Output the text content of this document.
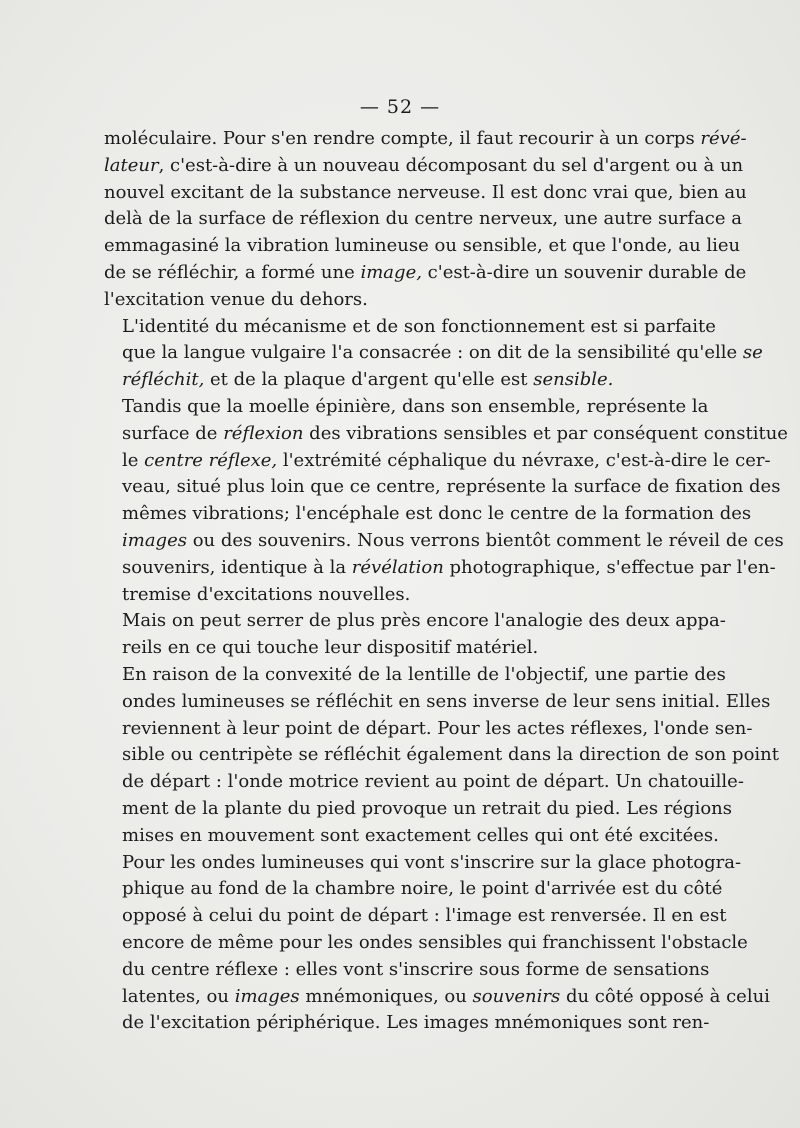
— 52 —

moléculaire. Pour s'en rendre compte, il faut recourir à un corps révé-
lateur, c'est-à-dire à un nouveau décomposant du sel d'argent ou à un
nouvel excitant de la substance nerveuse. Il est donc vrai que, bien au
delà de la surface de réflexion du centre nerveux, une autre surface a
emmagasiné la vibration lumineuse ou sensible, et que l'onde, au lieu
de se réfléchir, a formé une image, c'est-à-dire un souvenir durable de
l'excitation venue du dehors.

L'identité du mécanisme et de son fonctionnement est si parfaite
que la langue vulgaire l'a consacrée : on dit de la sensibilité qu'elle se
réfléchit, et de la plaque d'argent qu'elle est sensible.

Tandis que la moelle épinière, dans son ensemble, représente la
surface de réflexion des vibrations sensibles et par conséquent constitue
le centre réflexe, l'extrémité céphalique du névraxe, c'est-à-dire le cer-
veau, situé plus loin que ce centre, représente la surface de fixation des
mêmes vibrations; l'encéphale est donc le centre de la formation des
images ou des souvenirs. Nous verrons bientôt comment le réveil de ces
souvenirs, identique à la révélation photographique, s'effectue par l'en-
tremise d'excitations nouvelles.

Mais on peut serrer de plus près encore l'analogie des deux appa-
reils en ce qui touche leur dispositif matériel.

En raison de la convexité de la lentille de l'objectif, une partie des
ondes lumineuses se réfléchit en sens inverse de leur sens initial. Elles
reviennent à leur point de départ. Pour les actes réflexes, l'onde sen-
sible ou centripète se réfléchit également dans la direction de son point
de départ : l'onde motrice revient au point de départ. Un chatouille-
ment de la plante du pied provoque un retrait du pied. Les régions
mises en mouvement sont exactement celles qui ont été excitées.

Pour les ondes lumineuses qui vont s'inscrire sur la glace photogra-
phique au fond de la chambre noire, le point d'arrivée est du côté
opposé à celui du point de départ : l'image est renversée. Il en est
encore de même pour les ondes sensibles qui franchissent l'obstacle
du centre réflexe : elles vont s'inscrire sous forme de sensations
latentes, ou images mnémoniques, ou souvenirs du côté opposé à celui
de l'excitation périphérique. Les images mnémoniques sont ren-
